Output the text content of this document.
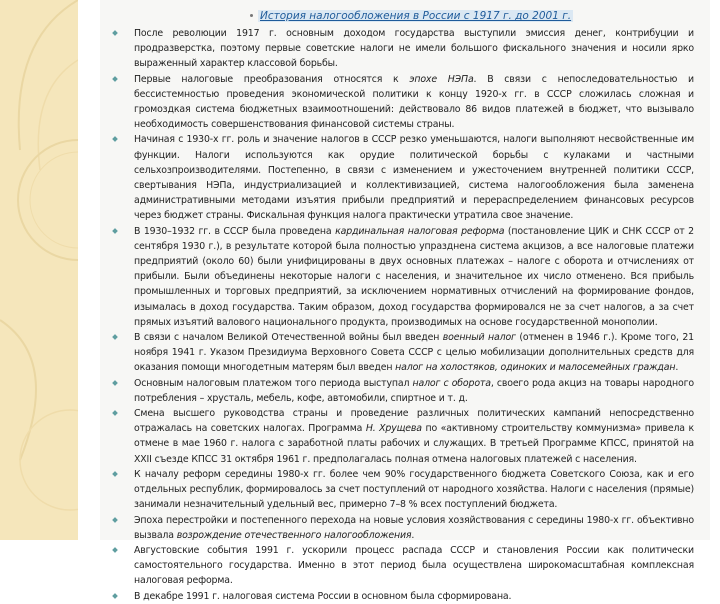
История налогообложения в России с 1917 г. до 2001 г.
После революции 1917 г. основным доходом государства выступили эмиссия денег, контрибуции и продразверстка, поэтому первые советские налоги не имели большого фискального значения и носили ярко выраженный характер классовой борьбы.
Первые налоговые преобразования относятся к эпохе НЭПа. В связи с непоследовательностью и бессистемностью проведения экономической политики к концу 1920-х гг. в СССР сложилась сложная и громоздкая система бюджетных взаимоотношений: действовало 86 видов платежей в бюджет, что вызывало необходимость совершенствования финансовой системы страны.
Начиная с 1930-х гг. роль и значение налогов в СССР резко уменьшаются, налоги выполняют несвойственные им функции. Налоги используются как орудие политической борьбы с кулаками и частными сельхозпроизводителями. Постепенно, в связи с изменением и ужесточением внутренней политики СССР, свертывания НЭПа, индустриализацией и коллективизацией, система налогообложения была заменена административными методами изъятия прибыли предприятий и перераспределением финансовых ресурсов через бюджет страны. Фискальная функция налога практически утратила свое значение.
В 1930–1932 гг. в СССР была проведена кардинальная налоговая реформа (постановление ЦИК и СНК СССР от 2 сентября 1930 г.), в результате которой была полностью упразднена система акцизов, а все налоговые платежи предприятий (около 60) были унифицированы в двух основных платежах – налоге с оборота и отчислениях от прибыли. Были объединены некоторые налоги с населения, и значительное их число отменено. Вся прибыль промышленных и торговых предприятий, за исключением нормативных отчислений на формирование фондов, изымалась в доход государства. Таким образом, доход государства формировался не за счет налогов, а за счет прямых изъятий валового национального продукта, производимых на основе государственной монополии.
В связи с началом Великой Отечественной войны был введен военный налог (отменен в 1946 г.). Кроме того, 21 ноября 1941 г. Указом Президиума Верховного Совета СССР с целью мобилизации дополнительных средств для оказания помощи многодетным матерям был введен налог на холостяков, одиноких и малосемейных граждан.
Основным налоговым платежом того периода выступал налог с оборота, своего рода акциз на товары народного потребления – хрусталь, мебель, кофе, автомобили, спиртное и т. д.
Смена высшего руководства страны и проведение различных политических кампаний непосредственно отражалась на советских налогах. Программа Н. Хрущева по «активному строительству коммунизма» привела к отмене в мае 1960 г. налога с заработной платы рабочих и служащих. В третьей Программе КПСС, принятой на XXII съезде КПСС 31 октября 1961 г. предполагалась полная отмена налоговых платежей с населения.
К началу реформ середины 1980-х гг. более чем 90% государственного бюджета Советского Союза, как и его отдельных республик, формировалось за счет поступлений от народного хозяйства. Налоги с населения (прямые) занимали незначительный удельный вес, примерно 7–8 % всех поступлений бюджета.
Эпоха перестройки и постепенного перехода на новые условия хозяйствования с середины 1980-х гг. объективно вызвала возрождение отечественного налогообложения.
Августовские события 1991 г. ускорили процесс распада СССР и становления России как политически самостоятельного государства. Именно в этот период была осуществлена широкомасштабная комплексная налоговая реформа.
В декабре 1991 г. налоговая система России в основном была сформирована.
